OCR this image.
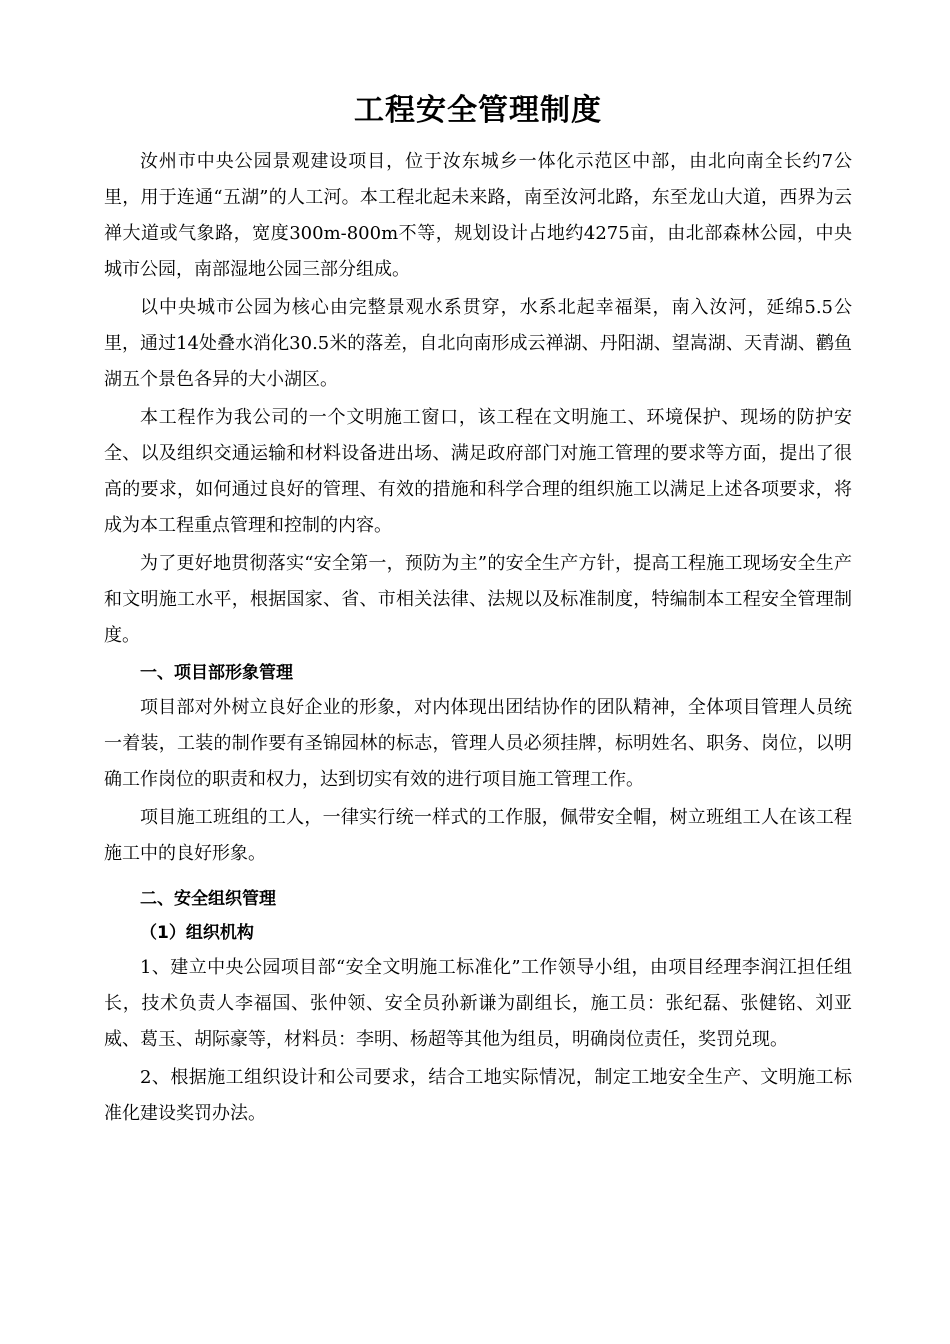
工程安全管理制度

汝州市中央公园景观建设项目，位于汝东城乡一体化示范区中部，由北向南全长约7公里，用于连通“五湖”的人工河。本工程北起未来路，南至汝河北路，东至龙山大道，西界为云禅大道或气象路，宽度300m-800m不等，规划设计占地约4275亩，由北部森林公园，中央城市公园，南部湿地公园三部分组成。

以中央城市公园为核心由完整景观水系贯穿，水系北起幸福渠，南入汝河，延绵5.5公里，通过14处叠水消化30.5米的落差，自北向南形成云禅湖、丹阳湖、望嵩湖、天青湖、鹳鱼湖五个景色各异的大小湖区。

本工程作为我公司的一个文明施工窗口，该工程在文明施工、环境保护、现场的防护安全、以及组织交通运输和材料设备进出场、满足政府部门对施工管理的要求等方面，提出了很高的要求，如何通过良好的管理、有效的措施和科学合理的组织施工以满足上述各项要求，将成为本工程重点管理和控制的内容。

为了更好地贯彻落实“安全第一，预防为主”的安全生产方针，提高工程施工现场安全生产和文明施工水平，根据国家、省、市相关法律、法规以及标准制度，特编制本工程安全管理制度。

一、项目部形象管理

项目部对外树立良好企业的形象，对内体现出团结协作的团队精神，全体项目管理人员统一着装，工装的制作要有圣锦园林的标志，管理人员必须挂牌，标明姓名、职务、岗位，以明确工作岗位的职责和权力，达到切实有效的进行项目施工管理工作。

项目施工班组的工人，一律实行统一样式的工作服，佩带安全帽，树立班组工人在该工程施工中的良好形象。

二、安全组织管理
（1）组织机构

1、建立中央公园项目部“安全文明施工标准化”工作领导小组，由项目经理李润江担任组长，技术负责人李福国、张仲领、安全员孙新谦为副组长，施工员：张纪磊、张健铭、刘亚威、葛玉、胡际豪等，材料员：李明、杨超等其他为组员，明确岗位责任，奖罚兑现。

2、根据施工组织设计和公司要求，结合工地实际情况，制定工地安全生产、文明施工标准化建设奖罚办法。
